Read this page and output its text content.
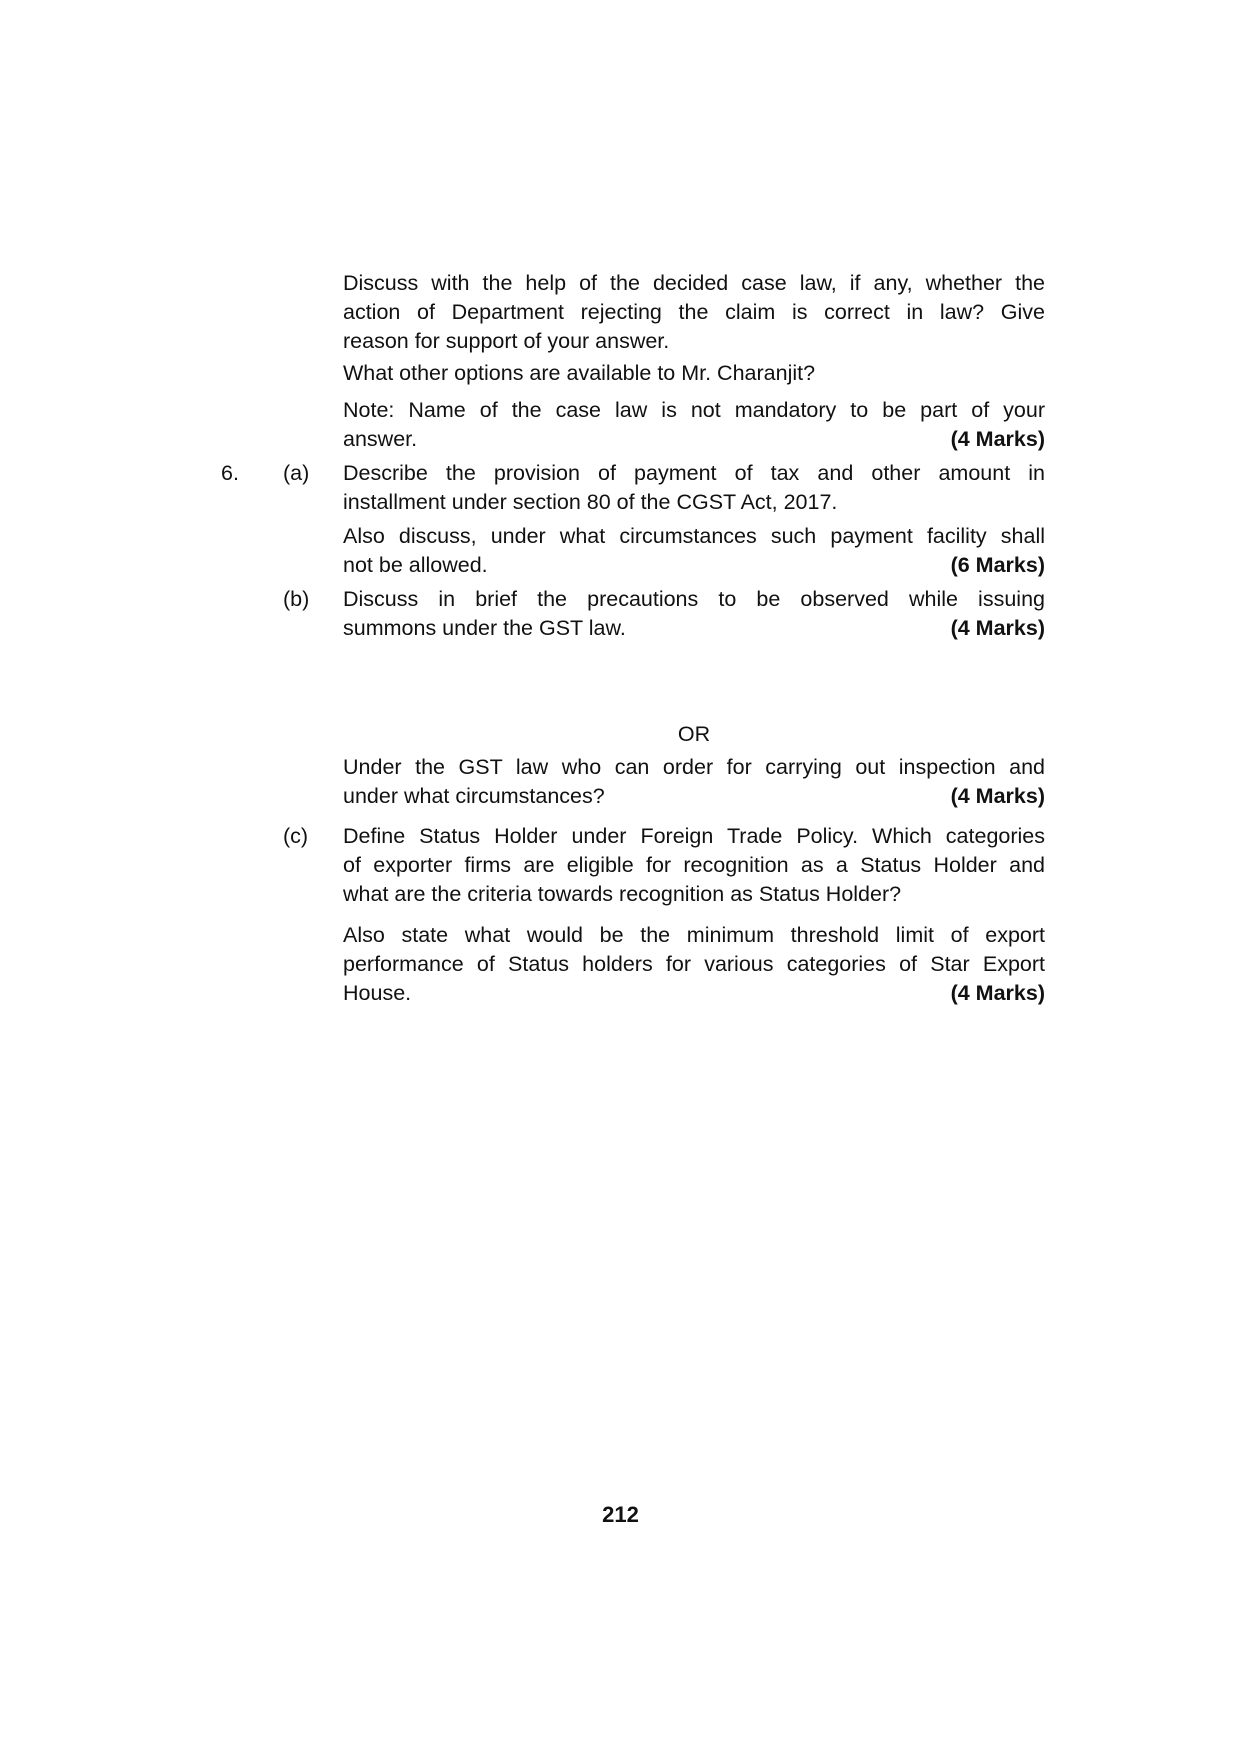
Discuss with the help of the decided case law, if any, whether the
action of Department rejecting the claim is correct in law? Give
reason for support of your answer.
What other options are available to Mr. Charanjit?
Note: Name of the case law is not mandatory to be part of your
answer.	(4 Marks)
6. (a) Describe the provision of payment of tax and other amount in
installment under section 80 of the CGST Act, 2017.
Also discuss, under what circumstances such payment facility shall
not be allowed.	(6 Marks)
(b) Discuss in brief the precautions to be observed while issuing
summons under the GST law.	(4 Marks)
OR
Under the GST law who can order for carrying out inspection and
under what circumstances?	(4 Marks)
(c) Define Status Holder under Foreign Trade Policy. Which categories
of exporter firms are eligible for recognition as a Status Holder and
what are the criteria towards recognition as Status Holder?
Also state what would be the minimum threshold limit of export
performance of Status holders for various categories of Star Export
House.	(4 Marks)
212
